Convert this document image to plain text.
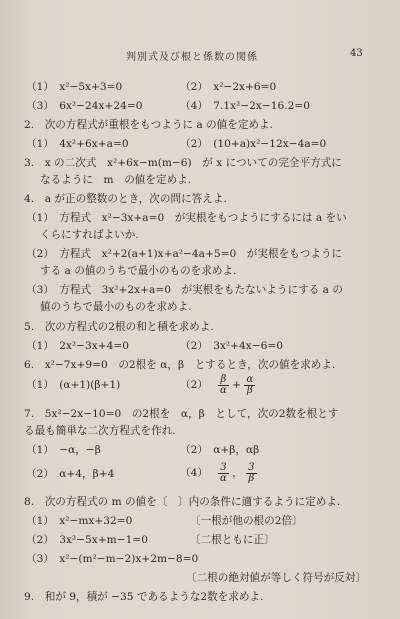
判別式及び根と係数の関係	43
（1）　x²−5x+3=0	（2）　x²−2x+6=0
（3）　6x²−24x+24=0	（4）　7.1x²−2x−16.2=0
2.　次の方程式が重根をもつように a の値を定めよ.
（1）　4x²+6x+a=0	（2）　(10+a)x²−12x−4a=0
3.　x の二次式　x²+6x−m(m−6)　が x についての完全平方式に
なるように　m　の値を定めよ.
4.　a が正の整数のとき，次の問に答えよ.
（1）　方程式　x²−3x+a=0　が実根をもつようにするには a をい
くらにすればよいか.
（2）　方程式　x²+2(a+1)x+a²−4a+5=0　が実根をもつように
する a の値のうちで最小のものを求めよ.
（3）　方程式　3x²+2x+a=0　が実根をもたないようにする a の
値のうちで最小のものを求めよ.
5.　次の方程式の2根の和と積を求めよ.
（1）　2x²−3x+4=0	（2）　3x²+4x−6=0
6.　x²−7x+9=0　の2根を α，β　とするとき，次の値を求めよ.
（1）　(α+1)(β+1)	$(2) \frac{\beta}{\alpha} + \frac{\alpha}{\beta}$
7.　5x²−2x−10=0　の2根を　α，β　として，次の2数を根とす
る最も簡単な二次方程式を作れ.
（1）　−α，−β	（2）　α+β，αβ
（2）　α+4，β+4	$(4) \frac{3}{\alpha}$ ， $\frac{3}{\beta}$
8.　次の方程式の m の値を〔　〕内の条件に適するように定めよ.
（1）　x²−mx+32=0	〔一根が他の根の2倍〕
（2）　3x²−5x+m−1=0	〔二根ともに正〕
（3）　x²−(m²−m−2)x+2m−8=0
〔二根の絶対値が等しく符号が反対〕
9.　和が 9，積が −35 であるような2数を求めよ.
